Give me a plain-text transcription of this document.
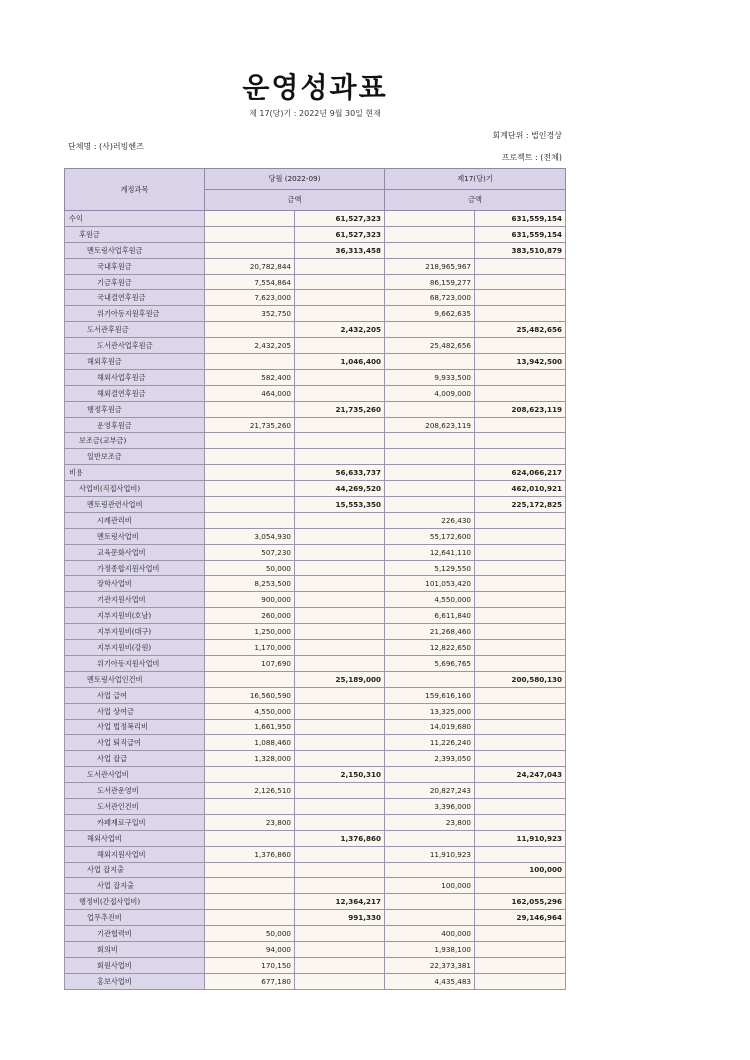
운영성과표
제 17(당)기 : 2022년 9월 30일 현재
단체명 : (사)러빙헨즈
회계단위 : 법인경상
프로젝트 : (전체)
계정과목	당월 (2022-09)		제17(당)기	
	금액		금액	
수익		61,527,323		631,559,154
후원금		61,527,323		631,559,154
멘토링사업후원금		36,313,458		383,510,879
국내후원금	20,782,844		218,965,967	
기금후원금	7,554,864		86,159,277	
국내결연후원금	7,623,000		68,723,000	
위기아동지원후원금	352,750		9,662,635	
도서관후원금		2,432,205		25,482,656
도서관사업후원금	2,432,205		25,482,656	
해외후원금		1,046,400		13,942,500
해외사업후원금	582,400		9,933,500	
해외결연후원금	464,000		4,009,000	
행정후원금		21,735,260		208,623,119
운영후원금	21,735,260		208,623,119	
보조금(교부금)				
일반보조금				
비용		56,633,737		624,066,217
사업비(직접사업비)		44,269,520		462,010,921
멘토링관련사업비		15,553,350		225,172,825
시례관리비			226,430	
멘토링사업비	3,054,930		55,172,600	
교육문화사업비	507,230		12,641,110	
가정종합지원사업비	50,000		5,129,550	
장학사업비	8,253,500		101,053,420	
기관지원사업비	900,000		4,550,000	
지부지원비(호남)	260,000		6,611,840	
지부지원비(대구)	1,250,000		21,268,460	
지부지원비(강원)	1,170,000		12,822,650	
위기아동지원사업비	107,690		5,696,765	
멘토링사업인건비		25,189,000		200,580,130
사업 급여	16,560,590		159,616,160	
사업 상여금	4,550,000		13,325,000	
사업 법정복리비	1,661,950		14,019,680	
사업 퇴직급여	1,088,460		11,226,240	
사업 잡급	1,328,000		2,393,050	
도서관사업비		2,150,310		24,247,043
도서관운영비	2,126,510		20,827,243	
도서관인건비			3,396,000	
카페재료구입비	23,800		23,800	
해외사업비		1,376,860		11,910,923
해외지원사업비	1,376,860		11,910,923	
사업 잡지출				100,000
사업 잡지출			100,000	
행정비(간접사업비)		12,364,217		162,055,296
업무추진비		991,330		29,146,964
기관협력비	50,000		400,000	
회의비	94,000		1,938,100	
회원사업비	170,150		22,373,381	
홍보사업비	677,180		4,435,483	
